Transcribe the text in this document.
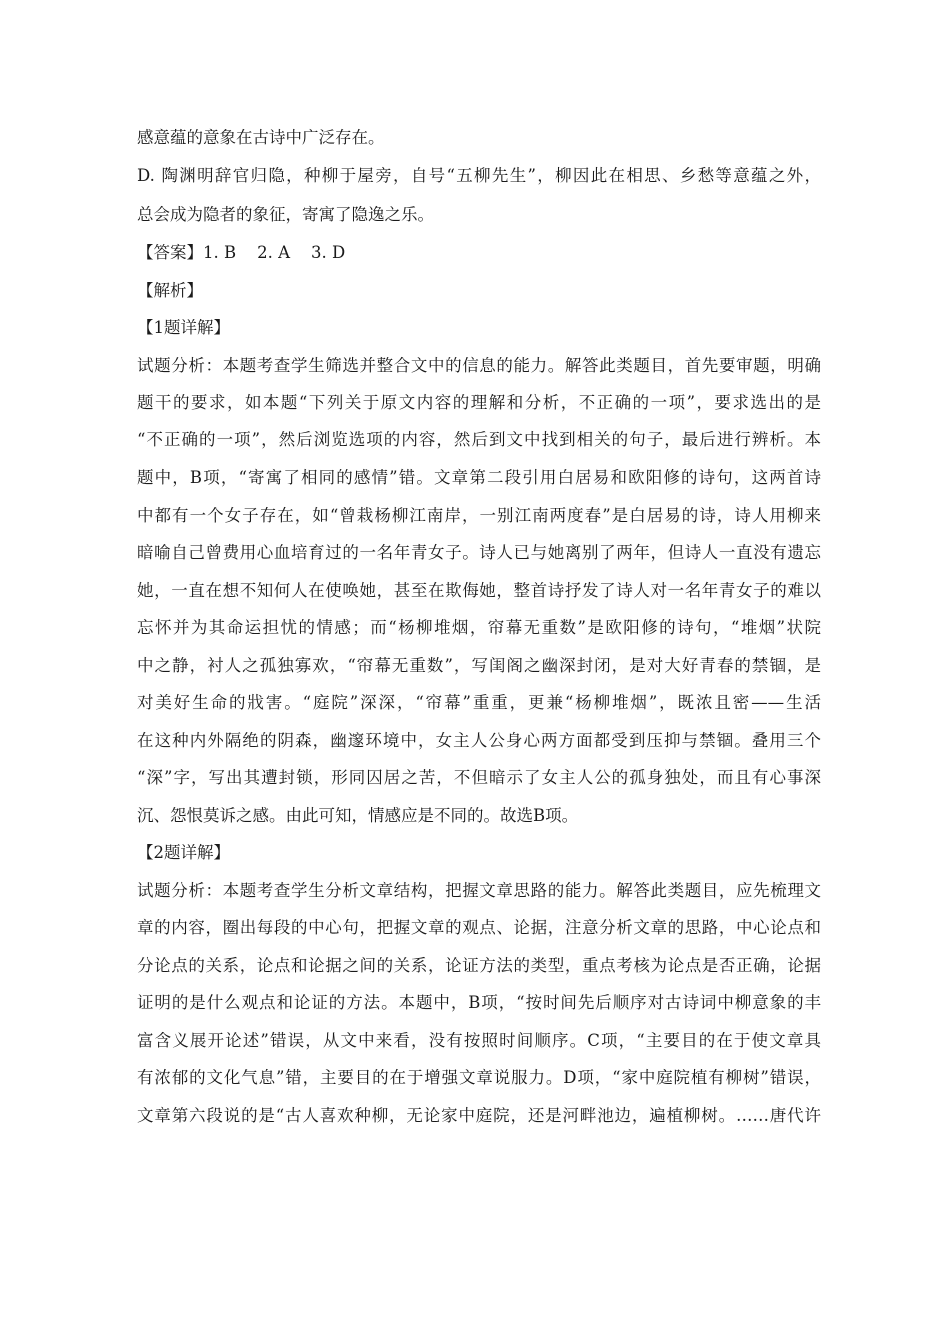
感意蕴的意象在古诗中广泛存在。
D. 陶渊明辞官归隐，种柳于屋旁，自号“五柳先生”，柳因此在相思、乡愁等意蕴之外，
总会成为隐者的象征，寄寓了隐逸之乐。
【答案】1. B    2. A    3. D
【解析】
【1题详解】
试题分析：本题考查学生筛选并整合文中的信息的能力。解答此类题目，首先要审题，明确
题干的要求，如本题“下列关于原文内容的理解和分析，不正确的一项”，要求选出的是
“不正确的一项”，然后浏览选项的内容，然后到文中找到相关的句子，最后进行辨析。本
题中，B项，“寄寓了相同的感情”错。文章第二段引用白居易和欧阳修的诗句，这两首诗
中都有一个女子存在，如“曾栽杨柳江南岸，一别江南两度春”是白居易的诗，诗人用柳来
暗喻自己曾费用心血培育过的一名年青女子。诗人已与她离别了两年，但诗人一直没有遗忘
她，一直在想不知何人在使唤她，甚至在欺侮她，整首诗抒发了诗人对一名年青女子的难以
忘怀并为其命运担忧的情感；而“杨柳堆烟，帘幕无重数”是欧阳修的诗句，“堆烟”状院
中之静，衬人之孤独寡欢，“帘幕无重数”，写闺阁之幽深封闭，是对大好青春的禁锢，是
对美好生命的戕害。“庭院”深深，“帘幕”重重，更兼“杨柳堆烟”，既浓且密——生活
在这种内外隔绝的阴森，幽邃环境中，女主人公身心两方面都受到压抑与禁锢。叠用三个
“深”字，写出其遭封锁，形同囚居之苦，不但暗示了女主人公的孤身独处，而且有心事深
沉、怨恨莫诉之感。由此可知，情感应是不同的。故选B项。
【2题详解】
试题分析：本题考查学生分析文章结构，把握文章思路的能力。解答此类题目，应先梳理文
章的内容，圈出每段的中心句，把握文章的观点、论据，注意分析文章的思路，中心论点和
分论点的关系，论点和论据之间的关系，论证方法的类型，重点考核为论点是否正确，论据
证明的是什么观点和论证的方法。本题中，B项，“按时间先后顺序对古诗词中柳意象的丰
富含义展开论述”错误，从文中来看，没有按照时间顺序。C项，“主要目的在于使文章具
有浓郁的文化气息”错，主要目的在于增强文章说服力。D项，“家中庭院植有柳树”错误，
文章第六段说的是“古人喜欢种柳，无论家中庭院，还是河畔池边，遍植柳树。……唐代许
